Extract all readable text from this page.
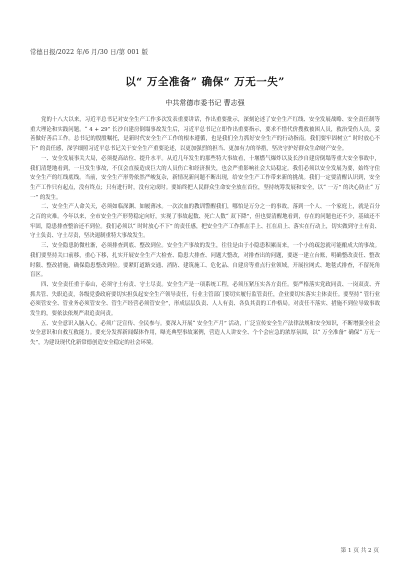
常德日报/2022 年/6 月/30 日/第 001 版
以“ 万全准备” 确保“ 万无一失”
中共常德市委书记 曹志强

党的十八大以来，习近平总书记对安全生产工作多次发表重要讲话，作出重要批示，深刻论述了安全生产红线、安全发展战略、安全责任制等重大理论和实践问题。“ 4 + 29” 长沙自建房倒塌事故发生后，习近平总书记立即作出重要指示，要求不惜代价搜救被困人员，救治受伤人员，妥善做好善后工作。总书记的殷殷嘱托，是新时代安全生产工作的根本遵循，也是我们全力抓好安全生产的行动指南。我们要牢固树立“ 时时放心不下” 的责任感，深学细照习近平总书记关于安全生产重要论述，以更加强烈的担当、更加有力的举措，坚决守护好群众生命财产安全。

一、安全发展事关大局，必须提高站位、提升水平。从近几年发生的那些特大事故看，十堰燃气爆炸以及长沙自建房倒塌等重大安全事故中，我们清楚地看到，一旦发生事故，不仅会直接造成巨大的人员伤亡和经济损失，也会严重影响社会大局稳定。我们必须以安全发展为要，始终守住安全生产的红线底线。当前，安全生产形势依然严峻复杂，新情况新问题不断出现，给安全生产工作带来新的挑战。我们一定要清醒认识到，安全生产工作只有起点，没有终点；只有进行时，没有完成时。要始终把人民群众生命安全放在首位，坚持统筹发展和安全，以“ 一万” 的决心防止“ 万一” 的发生。

二、安全生产人命关天，必须如临深渊、如履薄冰。一次次血的教训警醒我们，哪怕是万分之一的事故，落到一个人、一个家庭上，就是百分之百的灾难。今年以来，全市安全生产形势稳定向好，实现了事故起数、死亡人数“ 双下降”，但也要清醒地看到，存在的问题也还不少，基础还不牢固，隐患排查整治还不到位。我们必须以“ 时时放心不下” 的责任感，把安全生产工作抓在手上、扛在肩上、落实在行动上，切实做到守土有责、守土负责、守土尽责，坚决遏制重特大事故发生。

三、安全隐患防微杜渐，必须排查到底、整改到位。安全生产事故的发生，往往是由于小隐患积累而来，一个小的疏忽就可能酿成大的事故。我们要坚持关口前移，重心下移，扎实开展安全生产大检查、隐患大排查、问题大整改，对排查出的问题，要逐一建立台账，明确整改责任、整改时限、整改措施，确保隐患整改到位。要紧盯道路交通、消防、建筑施工、危化品、自建房等重点行业领域，开展拉网式、地毯式排查，不留死角盲区。

四、安全责任重于泰山，必须守土有责、守土尽责。安全生产是一项系统工程，必须压紧压实各方责任。要严格落实党政同责、一岗双责、齐抓共管、失职追责，各级党委政府要切实担负起安全生产领导责任，行业主管部门要切实履行监管责任，企业要切实落实主体责任。要坚持“ 管行业必须管安全、管业务必须管安全、管生产经营必须管安全”，形成层层负责、人人有责、各负其责的工作格局。对责任不落实、措施不到位导致事故发生的，要依法依规严肃追责问责。

五、安全意识入脑入心，必须广泛宣传、全民参与。要深入开展“ 安全生产月” 活动，广泛宣传安全生产法律法规和安全知识，不断增强全社会安全意识和自救互救能力。要充分发挥新闻媒体作用，曝光典型事故案例，营造人人讲安全、个个会应急的浓厚氛围，以“ 万全准备” 确保“ 万无一失”，为建设现代化新常德创造安全稳定的社会环境。

第 1 页 共 2 页
